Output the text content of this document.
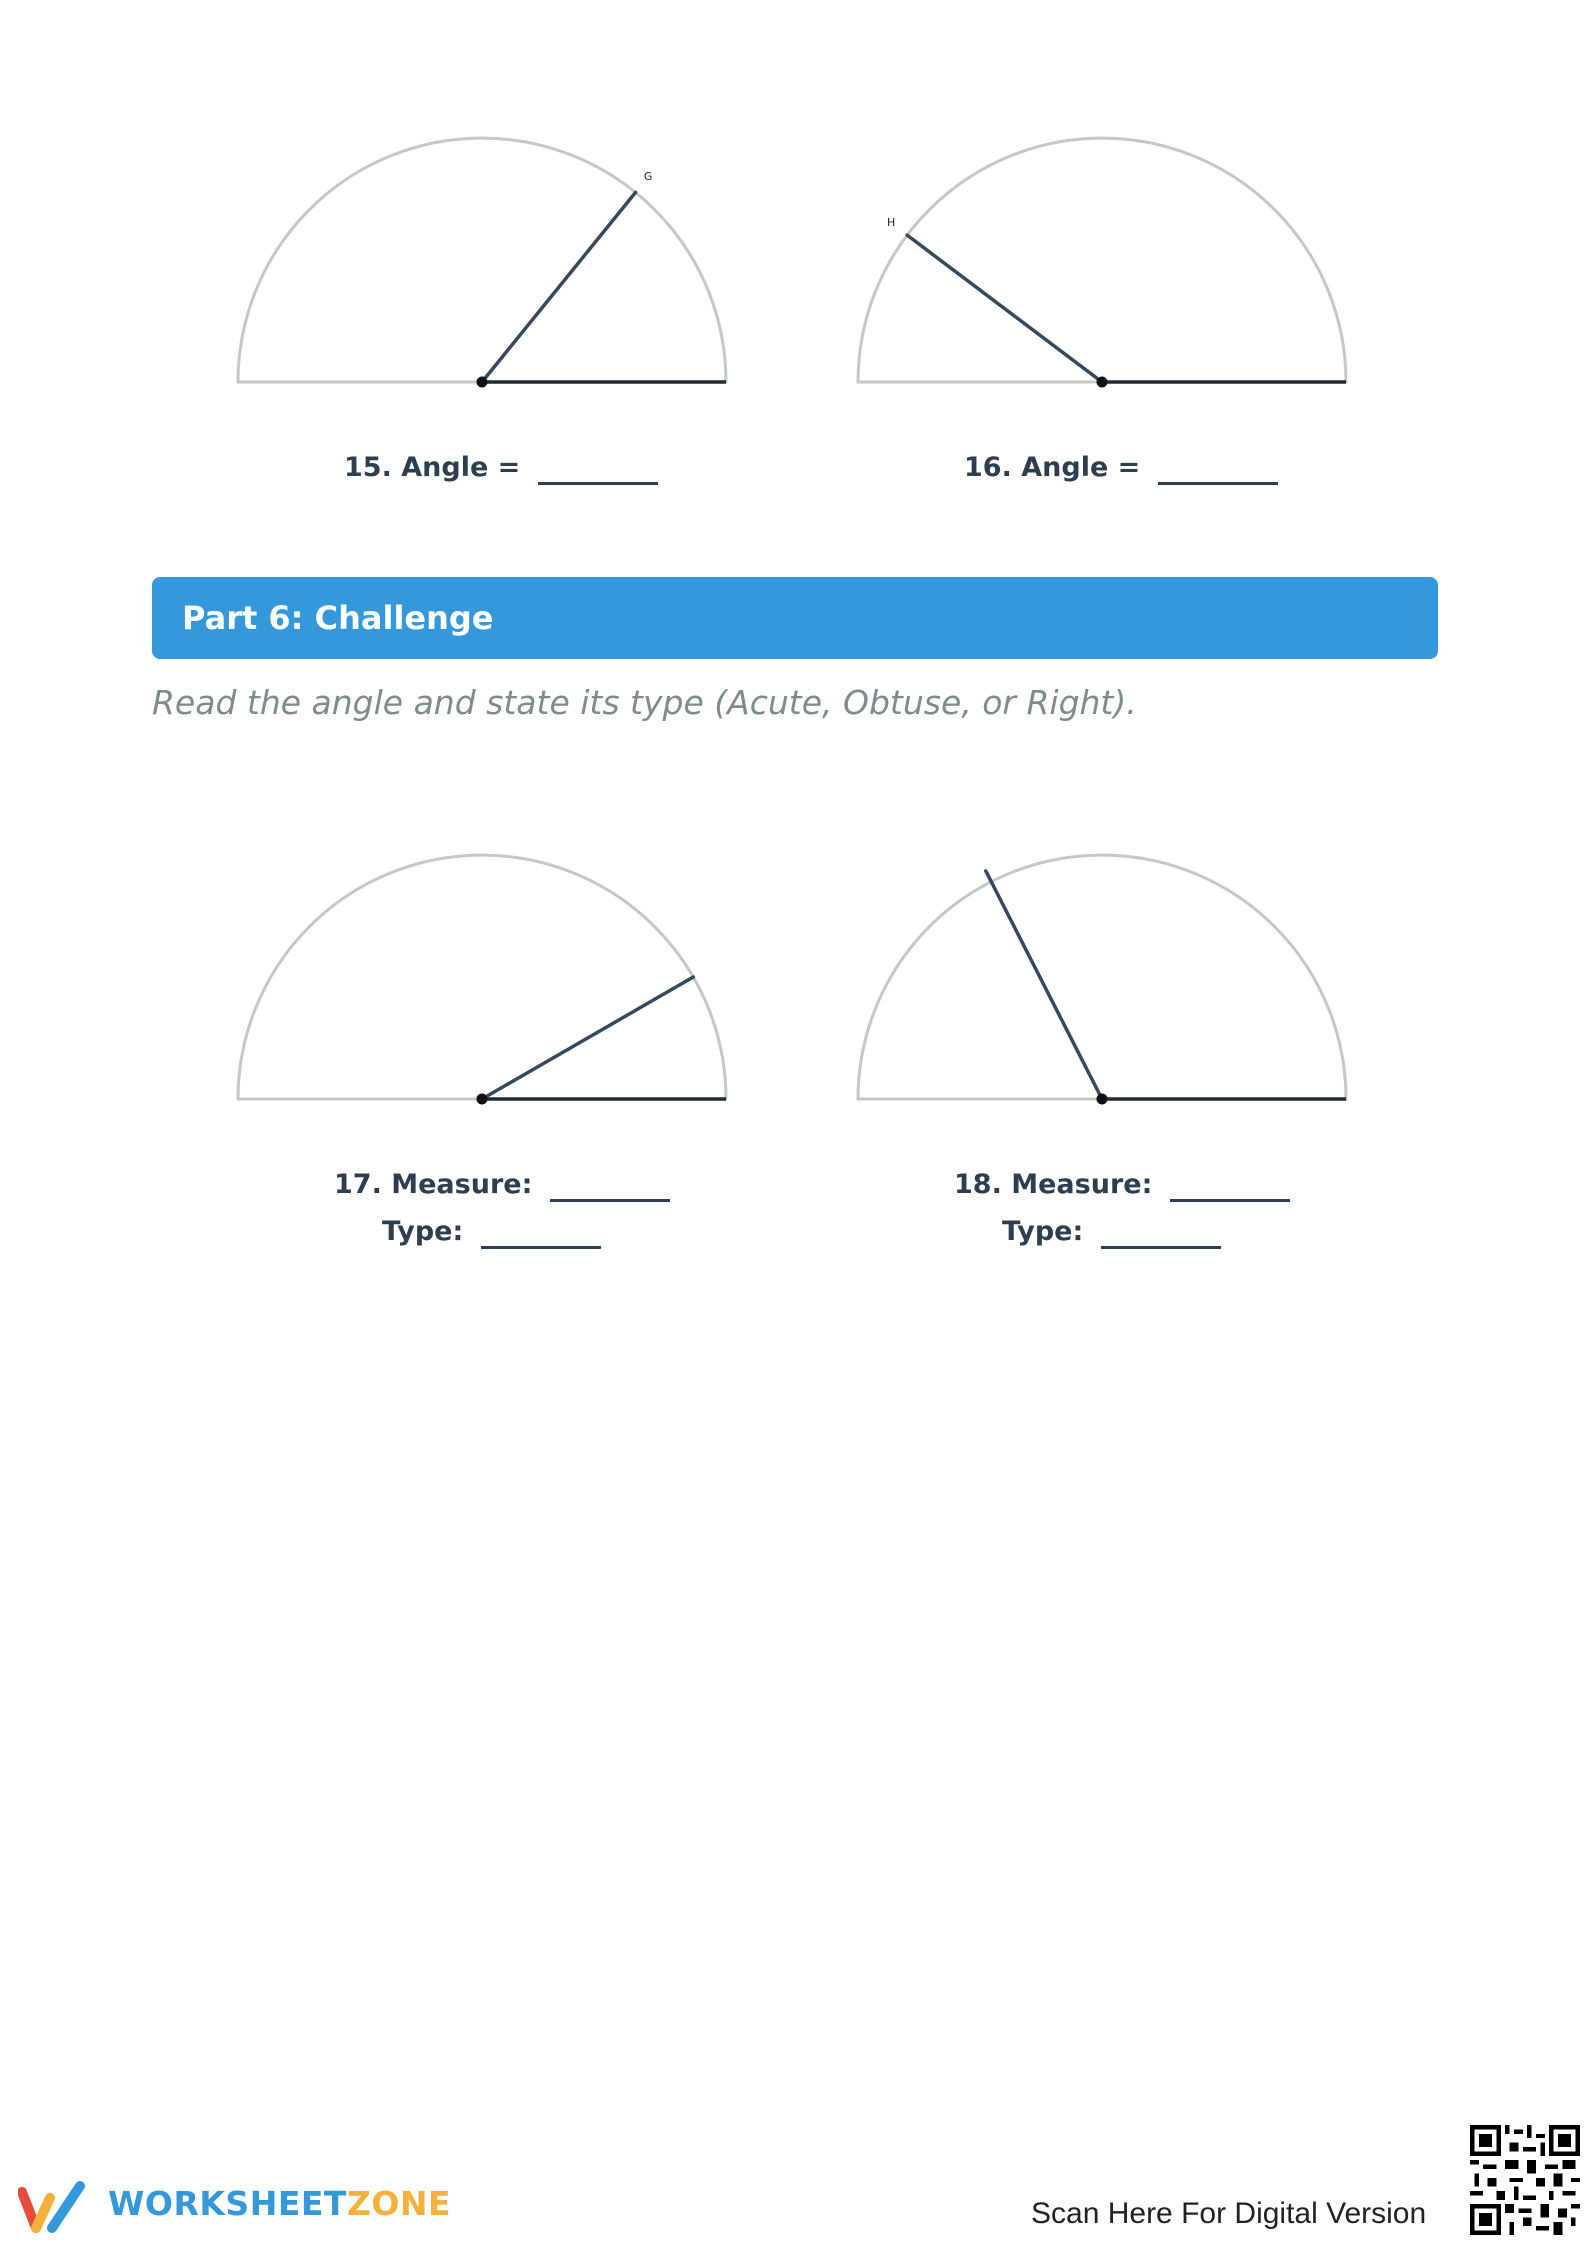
G
15. Angle =
H
16. Angle =
Part 6: Challenge
Read the angle and state its type (Acute, Obtuse, or Right).
17. Measure:
Type:
18. Measure:
Type:
WORKSHEETZONE	Scan Here For Digital Version
